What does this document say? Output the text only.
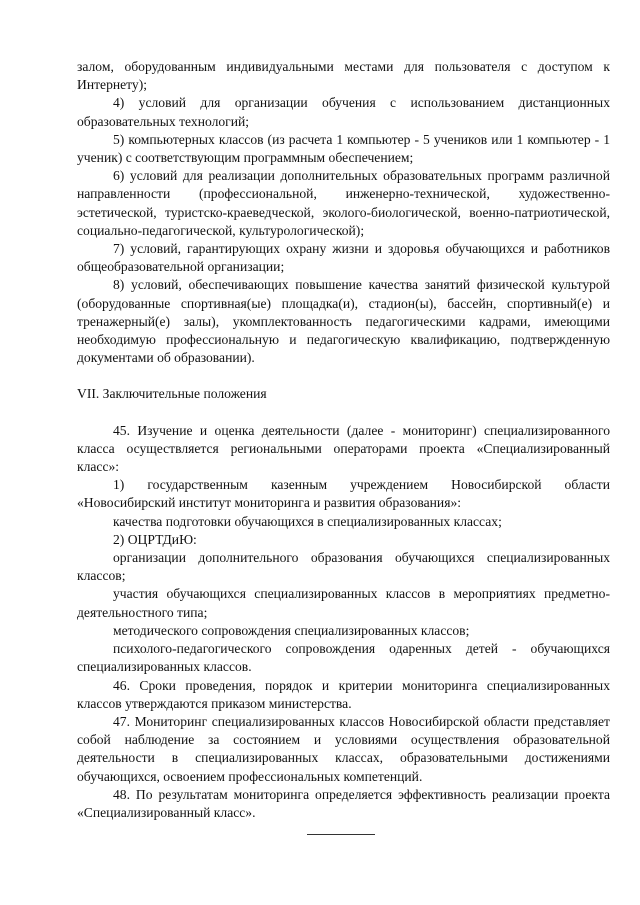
залом, оборудованным индивидуальными местами для пользователя с доступом к Интернету);

4) условий для организации обучения с использованием дистанционных образовательных технологий;

5) компьютерных классов (из расчета 1 компьютер - 5 учеников или 1 компьютер - 1 ученик) с соответствующим программным обеспечением;

6) условий для реализации дополнительных образовательных программ различной направленности (профессиональной, инженерно-технической, художественно-эстетической, туристско-краеведческой, эколого-биологической, военно-патриотической, социально-педагогической, культурологической);

7) условий, гарантирующих охрану жизни и здоровья обучающихся и работников общеобразовательной организации;

8) условий, обеспечивающих повышение качества занятий физической культурой (оборудованные спортивная(ые) площадка(и), стадион(ы), бассейн, спортивный(е) и тренажерный(е) залы), укомплектованность педагогическими кадрами, имеющими необходимую профессиональную и педагогическую квалификацию, подтвержденную документами об образовании).

VII. Заключительные положения

45. Изучение и оценка деятельности (далее - мониторинг) специализированного класса осуществляется региональными операторами проекта «Специализированный класс»:

1) государственным казенным учреждением Новосибирской области «Новосибирский институт мониторинга и развития образования»:

качества подготовки обучающихся в специализированных классах;

2) ОЦРТДиЮ:

организации дополнительного образования обучающихся специализированных классов;

участия обучающихся специализированных классов в мероприятиях предметно-деятельностного типа;

методического сопровождения специализированных классов;

психолого-педагогического сопровождения одаренных детей - обучающихся специализированных классов.

46. Сроки проведения, порядок и критерии мониторинга специализированных классов утверждаются приказом министерства.

47. Мониторинг специализированных классов Новосибирской области представляет собой наблюдение за состоянием и условиями осуществления образовательной деятельности в специализированных классах, образовательными достижениями обучающихся, освоением профессиональных компетенций.

48. По результатам мониторинга определяется эффективность реализации проекта «Специализированный класс».
